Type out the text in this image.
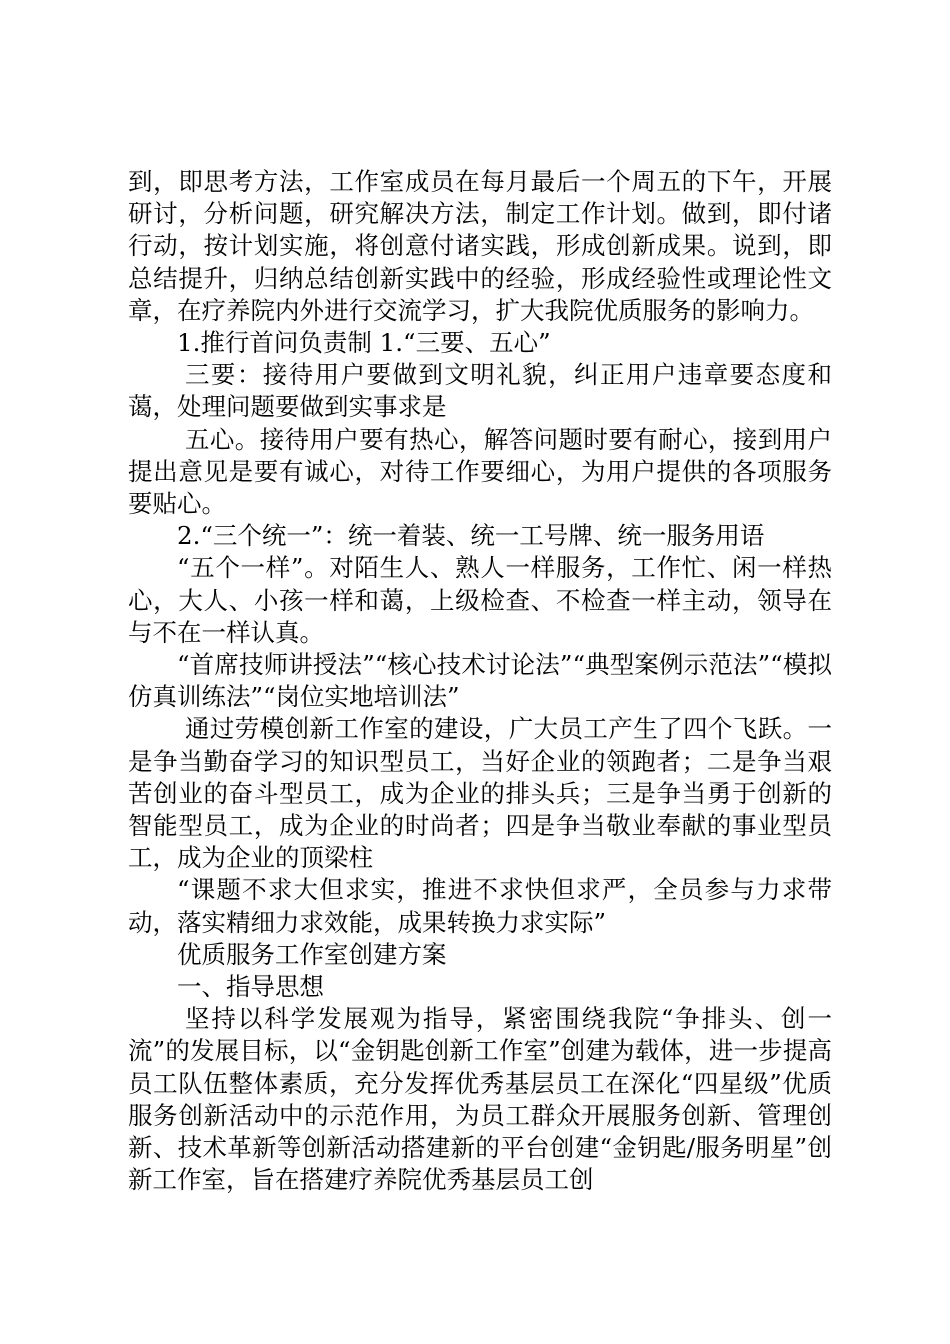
到，即思考方法，工作室成员在每月最后一个周五的下午，开展研讨，分析问题，研究解决方法，制定工作计划。做到，即付诸行动，按计划实施，将创意付诸实践，形成创新成果。说到，即总结提升，归纳总结创新实践中的经验，形成经验性或理论性文章，在疗养院内外进行交流学习，扩大我院优质服务的影响力。

1.推行首问负责制 1.“三要、五心”

三要：接待用户要做到文明礼貌，纠正用户违章要态度和蔼，处理问题要做到实事求是

五心。接待用户要有热心，解答问题时要有耐心，接到用户提出意见是要有诚心，对待工作要细心，为用户提供的各项服务要贴心。

2.“三个统一”：统一着装、统一工号牌、统一服务用语

“五个一样”。对陌生人、熟人一样服务，工作忙、闲一样热心，大人、小孩一样和蔼，上级检查、不检查一样主动，领导在与不在一样认真。

“首席技师讲授法”“核心技术讨论法”“典型案例示范法”“模拟仿真训练法”“岗位实地培训法”

通过劳模创新工作室的建设，广大员工产生了四个飞跃。一是争当勤奋学习的知识型员工，当好企业的领跑者；二是争当艰苦创业的奋斗型员工，成为企业的排头兵；三是争当勇于创新的智能型员工，成为企业的时尚者；四是争当敬业奉献的事业型员工，成为企业的顶梁柱

“课题不求大但求实，推进不求快但求严，全员参与力求带动，落实精细力求效能，成果转换力求实际”

优质服务工作室创建方案

一、指导思想

坚持以科学发展观为指导，紧密围绕我院“争排头、创一流”的发展目标，以“金钥匙创新工作室”创建为载体，进一步提高员工队伍整体素质，充分发挥优秀基层员工在深化“四星级”优质服务创新活动中的示范作用，为员工群众开展服务创新、管理创新、技术革新等创新活动搭建新的平台创建“金钥匙/服务明星”创新工作室，旨在搭建疗养院优秀基层员工创
